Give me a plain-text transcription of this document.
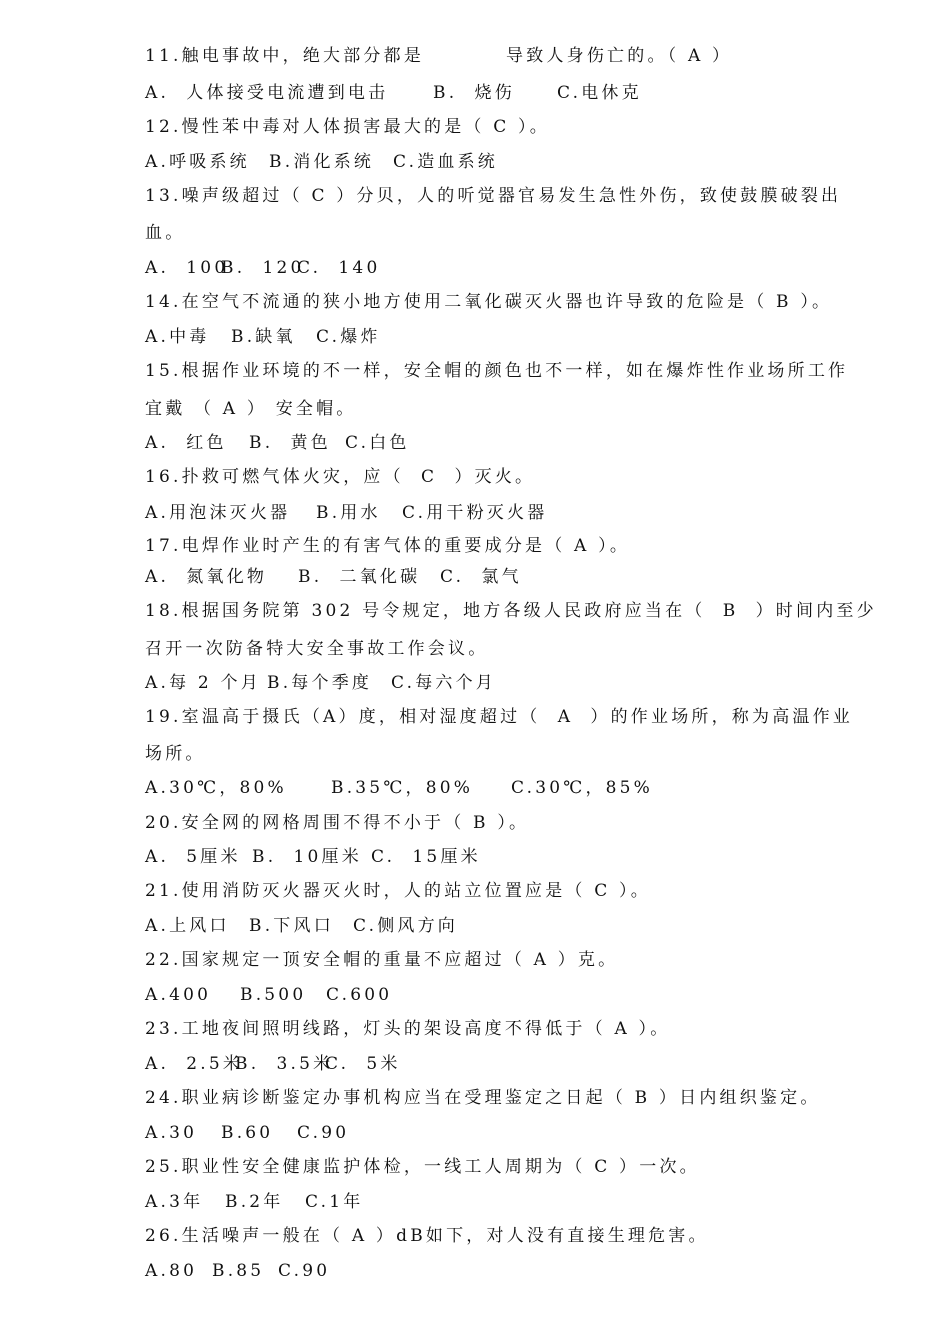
11.触电事故中，绝大部分都是	导致人身伤亡的。（ A ）
A.  人体接受电流遭到电击	B.  烧伤 C.电休克
12.慢性苯中毒对人体损害最大的是（ C ）。
A.呼吸系统 B.消化系统 C.造血系统
13.噪声级超过（ C ）分贝，人的听觉器官易发生急性外伤，致使鼓膜破裂出
血。
A.  100
B.  120
C.  140
14.在空气不流通的狭小地方使用二氧化碳灭火器也许导致的危险是（ B ）。
A.中毒 B.缺氧 C.爆炸
15.根据作业环境的不一样，安全帽的颜色也不一样，如在爆炸性作业场所工作
宜戴 （ A ） 安全帽。
A.  红色 B.  黄色 C.白色
16.扑救可燃气体火灾，应（  C  ）灭火。
A.用泡沫灭火器 B.用水 C.用干粉灭火器
17.电焊作业时产生的有害气体的重要成分是（ A ）。
A.  氮氧化物 B.  二氧化碳 C.  氯气
18.根据国务院第 302 号令规定，地方各级人民政府应当在（  B  ）时间内至少
召开一次防备特大安全事故工作会议。
A.每 2 个月 B.每个季度 C.每六个月
19.室温高于摄氏（A）度，相对湿度超过（  A  ）的作业场所，称为高温作业
场所。
A.30℃，80%	B.35℃，80% C.30℃，85%
20.安全网的网格周围不得不小于（ B ）。
A.  5厘米 B.  10厘米 C.  15厘米
21.使用消防灭火器灭火时，人的站立位置应是（ C ）。
A.上风口 B.下风口 C.侧风方向
22.国家规定一顶安全帽的重量不应超过（ A ）克。
A.400 B.500 C.600
23.工地夜间照明线路，灯头的架设高度不得低于（ A ）。
A.  2.5米
B.  3.5米
C.  5米
24.职业病诊断鉴定办事机构应当在受理鉴定之日起（ B ）日内组织鉴定。
A.30 B.60 C.90
25.职业性安全健康监护体检，一线工人周期为（ C ）一次。
A.3年 B.2年 C.1年
26.生活噪声一般在（ A ）dB如下，对人没有直接生理危害。
A.80 B.85 C.90
